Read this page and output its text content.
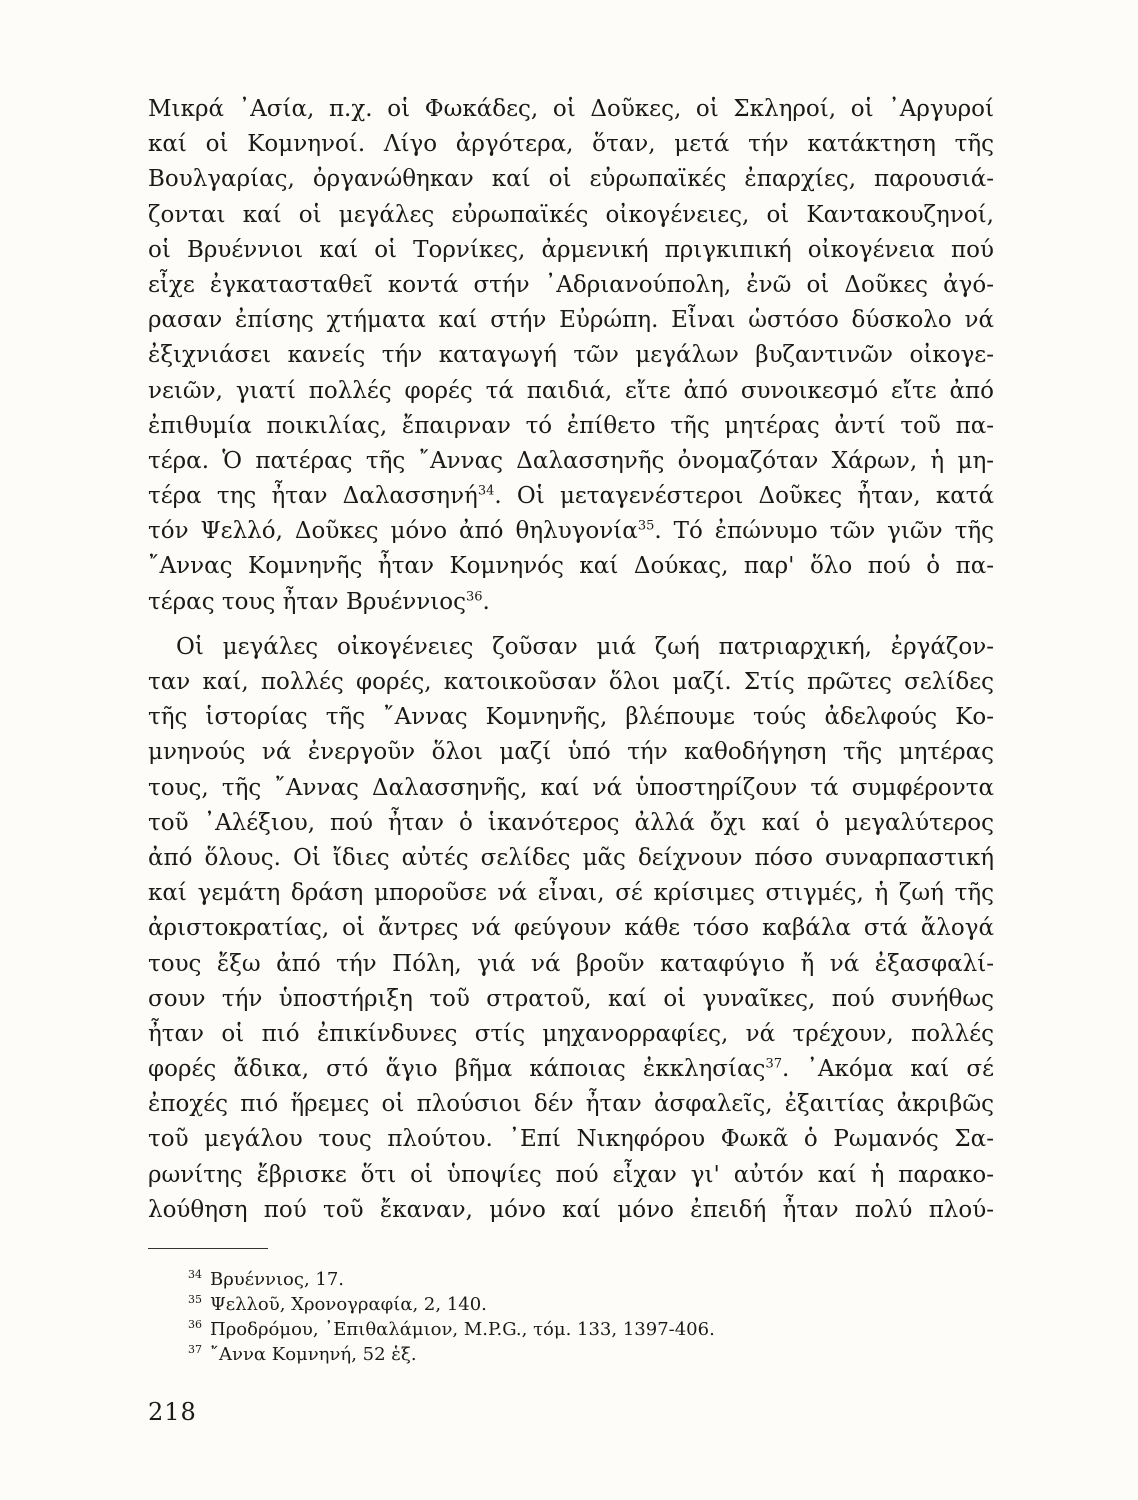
Μικρά ᾿Ασία, π.χ. οἱ Φωκάδες, οἱ Δοῦκες, οἱ Σκληροί, οἱ ᾿Αργυροί
καί οἱ Κομνηνοί. Λίγο ἀργότερα, ὅταν, μετά τήν κατάκτηση τῆς
Βουλγαρίας, ὀργανώθηκαν καί οἱ εὐρωπαϊκές ἐπαρχίες, παρουσιά-
ζονται καί οἱ μεγάλες εὐρωπαϊκές οἰκογένειες, οἱ Καντακουζηνοί,
οἱ Βρυέννιοι καί οἱ Τορνίκες, ἀρμενική πριγκιπική οἰκογένεια πού
εἶχε ἐγκατασταθεῖ κοντά στήν ᾿Αδριανούπολη, ἐνῶ οἱ Δοῦκες ἀγό-
ρασαν ἐπίσης χτήματα καί στήν Εὐρώπη. Εἶναι ὡστόσο δύσκολο νά
ἐξιχνιάσει κανείς τήν καταγωγή τῶν μεγάλων βυζαντινῶν οἰκογε-
νειῶν, γιατί πολλές φορές τά παιδιά, εἴτε ἀπό συνοικεσμό εἴτε ἀπό
ἐπιθυμία ποικιλίας, ἔπαιρναν τό ἐπίθετο τῆς μητέρας ἀντί τοῦ πα-
τέρα. Ὁ πατέρας τῆς ῎Αννας Δαλασσηνῆς ὀνομαζόταν Χάρων, ἡ μη-
τέρα της ἦταν Δαλασσηνή$^{34}$. Οἱ μεταγενέστεροι Δοῦκες ἦταν, κατά
τόν Ψελλό, Δοῦκες μόνο ἀπό θηλυγονία$^{35}$. Τό ἐπώνυμο τῶν γιῶν τῆς
῎Αννας Κομνηνῆς ἦταν Κομνηνός καί Δούκας, παρ' ὅλο πού ὁ πα-
τέρας τους ἦταν Βρυέννιος$^{36}$.
Οἱ μεγάλες οἰκογένειες ζοῦσαν μιά ζωή πατριαρχική, ἐργάζον-
ταν καί, πολλές φορές, κατοικοῦσαν ὅλοι μαζί. Στίς πρῶτες σελίδες
τῆς ἱστορίας τῆς ῎Αννας Κομνηνῆς, βλέπουμε τούς ἀδελφούς Κο-
μνηνούς νά ἐνεργοῦν ὅλοι μαζί ὑπό τήν καθοδήγηση τῆς μητέρας
τους, τῆς ῎Αννας Δαλασσηνῆς, καί νά ὑποστηρίζουν τά συμφέροντα
τοῦ ᾿Αλέξιου, πού ἦταν ὁ ἱκανότερος ἀλλά ὄχι καί ὁ μεγαλύτερος
ἀπό ὅλους. Οἱ ἴδιες αὐτές σελίδες μᾶς δείχνουν πόσο συναρπαστική
καί γεμάτη δράση μποροῦσε νά εἶναι, σέ κρίσιμες στιγμές, ἡ ζωή τῆς
ἀριστοκρατίας, οἱ ἄντρες νά φεύγουν κάθε τόσο καβάλα στά ἄλογά
τους ἔξω ἀπό τήν Πόλη, γιά νά βροῦν καταφύγιο ἤ νά ἐξασφαλί-
σουν τήν ὑποστήριξη τοῦ στρατοῦ, καί οἱ γυναῖκες, πού συνήθως
ἦταν οἱ πιό ἐπικίνδυνες στίς μηχανορραφίες, νά τρέχουν, πολλές
φορές ἄδικα, στό ἅγιο βῆμα κάποιας ἐκκλησίας$^{37}$. ᾿Ακόμα καί σέ
ἐποχές πιό ἥρεμες οἱ πλούσιοι δέν ἦταν ἀσφαλεῖς, ἐξαιτίας ἀκριβῶς
τοῦ μεγάλου τους πλούτου. ᾿Επί Νικηφόρου Φωκᾶ ὁ Ρωμανός Σα-
ρωνίτης ἔβρισκε ὅτι οἱ ὑποψίες πού εἶχαν γι' αὐτόν καί ἡ παρακο-
λούθηση πού τοῦ ἔκαναν, μόνο καί μόνο ἐπειδή ἦταν πολύ πλού-
$^{34}$ Βρυέννιος, 17.
$^{35}$ Ψελλοῦ, Χρονογραφία, 2, 140.
$^{36}$ Προδρόμου, ᾿Επιθαλάμιον, M.P.G., τόμ. 133, 1397-406.
$^{37}$ ῎Αννα Κομνηνή, 52 ἑξ.
218
